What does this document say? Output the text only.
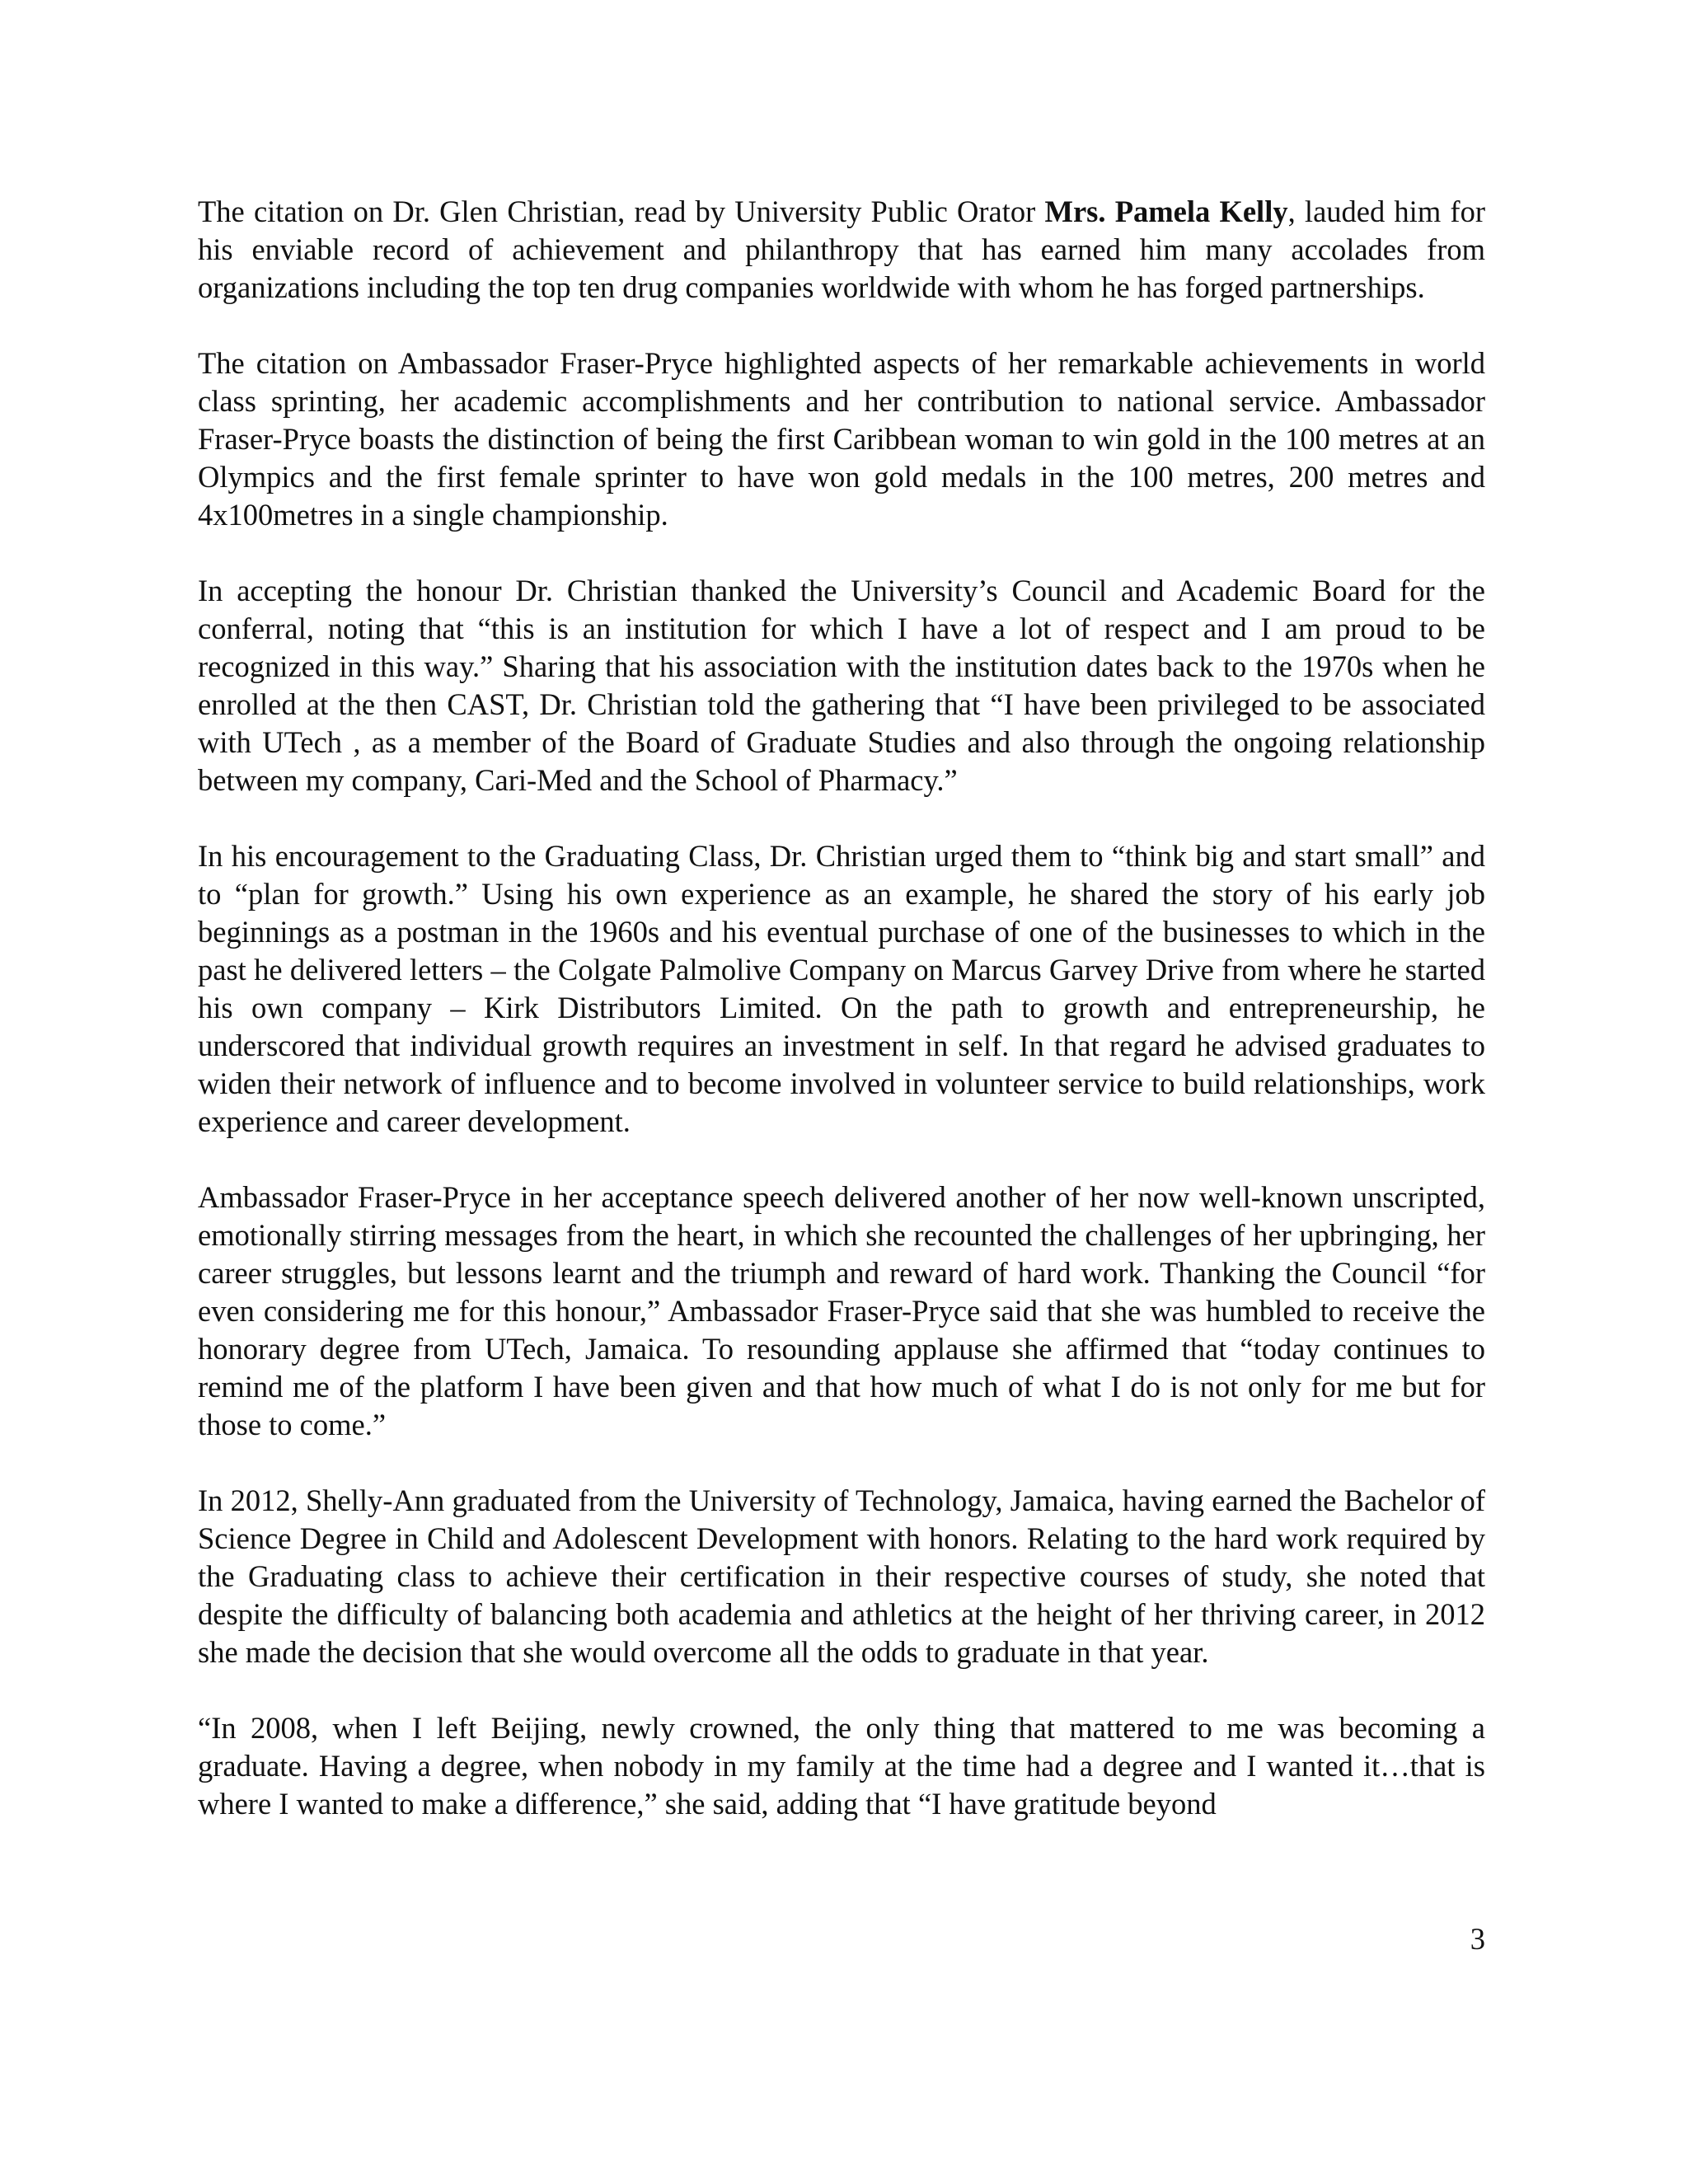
The citation on Dr. Glen Christian, read by University Public Orator Mrs. Pamela Kelly, lauded him for his enviable record of achievement and philanthropy that has earned him many accolades from organizations including the top ten drug companies worldwide with whom he has forged partnerships.

The citation on Ambassador Fraser-Pryce highlighted aspects of her remarkable achievements in world class sprinting, her academic accomplishments and her contribution to national service. Ambassador Fraser-Pryce boasts the distinction of being the first Caribbean woman to win gold in the 100 metres at an Olympics and the first female sprinter to have won gold medals in the 100 metres, 200 metres and 4x100metres in a single championship.

In accepting the honour Dr. Christian thanked the University’s Council and Academic Board for the conferral, noting that “this is an institution for which I have a lot of respect and I am proud to be recognized in this way.” Sharing that his association with the institution dates back to the 1970s when he enrolled at the then CAST, Dr. Christian told the gathering that “I have been privileged to be associated with UTech , as a member of the Board of Graduate Studies and also through the ongoing relationship between my company, Cari-Med and the School of Pharmacy.”

In his encouragement to the Graduating Class, Dr. Christian urged them to “think big and start small” and to “plan for growth.” Using his own experience as an example, he shared the story of his early job beginnings as a postman in the 1960s and his eventual purchase of one of the businesses to which in the past he delivered letters – the Colgate Palmolive Company on Marcus Garvey Drive from where he started his own company – Kirk Distributors Limited. On the path to growth and entrepreneurship, he underscored that individual growth requires an investment in self. In that regard he advised graduates to widen their network of influence and to become involved in volunteer service to build relationships, work experience and career development.

Ambassador Fraser-Pryce in her acceptance speech delivered another of her now well-known unscripted, emotionally stirring messages from the heart, in which she recounted the challenges of her upbringing, her career struggles, but lessons learnt and the triumph and reward of hard work. Thanking the Council “for even considering me for this honour,” Ambassador Fraser-Pryce said that she was humbled to receive the honorary degree from UTech, Jamaica. To resounding applause she affirmed that “today continues to remind me of the platform I have been given and that how much of what I do is not only for me but for those to come.”

In 2012, Shelly-Ann graduated from the University of Technology, Jamaica, having earned the Bachelor of Science Degree in Child and Adolescent Development with honors. Relating to the hard work required by the Graduating class to achieve their certification in their respective courses of study, she noted that despite the difficulty of balancing both academia and athletics at the height of her thriving career, in 2012 she made the decision that she would overcome all the odds to graduate in that year.

“In 2008, when I left Beijing, newly crowned, the only thing that mattered to me was becoming a graduate. Having a degree, when nobody in my family at the time had a degree and I wanted it…that is where I wanted to make a difference,” she said, adding that “I have gratitude beyond

3
